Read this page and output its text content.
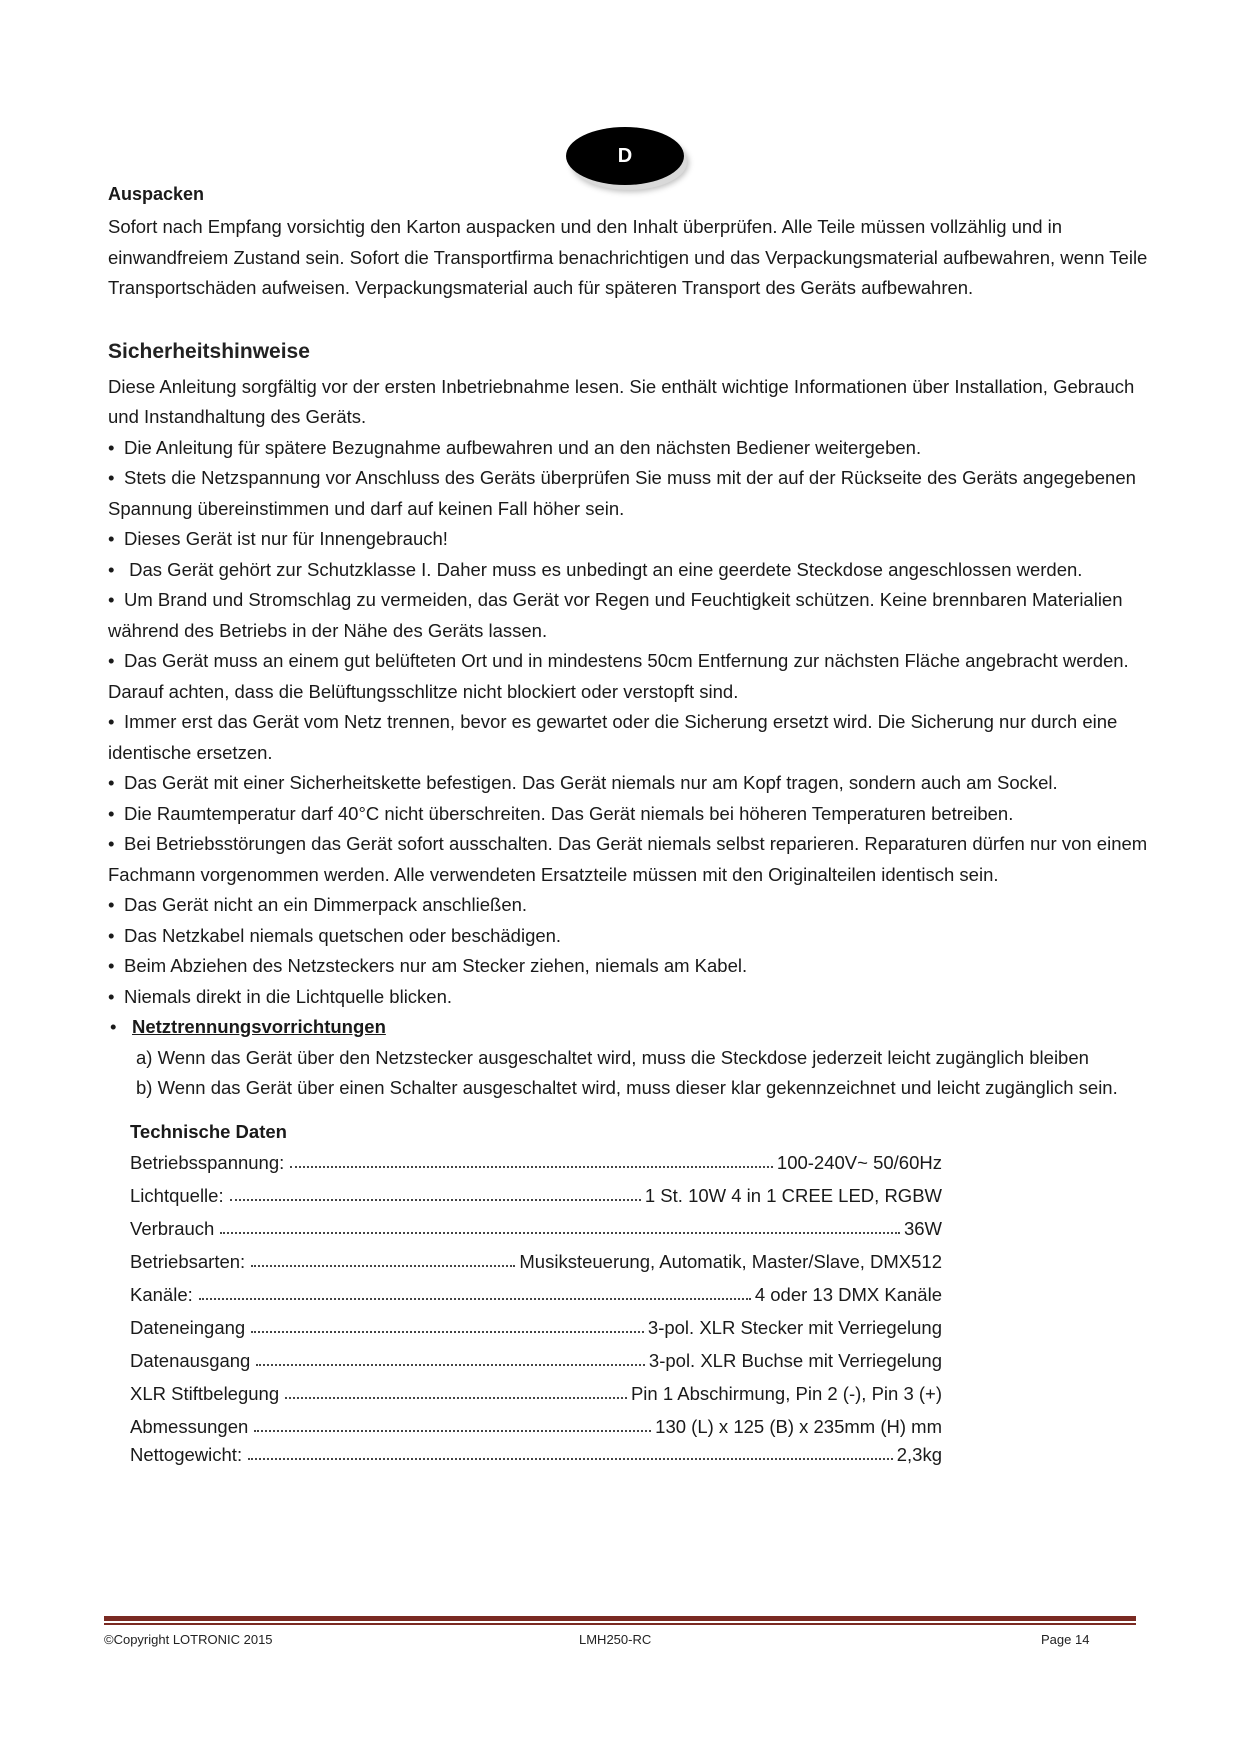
D
Auspacken

Sofort nach Empfang vorsichtig den Karton auspacken und den Inhalt überprüfen. Alle Teile müssen vollzählig und in einwandfreiem Zustand sein. Sofort die Transportfirma benachrichtigen und das Verpackungsmaterial aufbewahren, wenn Teile Transportschäden aufweisen. Verpackungsmaterial auch für späteren Transport des Geräts aufbewahren.

Sicherheitshinweise

Diese Anleitung sorgfältig vor der ersten Inbetriebnahme lesen. Sie enthält wichtige Informationen über Installation, Gebrauch und Instandhaltung des Geräts.

• Die Anleitung für spätere Bezugnahme aufbewahren und an den nächsten Bediener weitergeben.
• Stets die Netzspannung vor Anschluss des Geräts überprüfen Sie muss mit der auf der Rückseite des Geräts angegebenen Spannung übereinstimmen und darf auf keinen Fall höher sein.
• Dieses Gerät ist nur für Innengebrauch!
• Das Gerät gehört zur Schutzklasse I. Daher muss es unbedingt an eine geerdete Steckdose angeschlossen werden.
• Um Brand und Stromschlag zu vermeiden, das Gerät vor Regen und Feuchtigkeit schützen. Keine brennbaren Materialien während des Betriebs in der Nähe des Geräts lassen.
• Das Gerät muss an einem gut belüfteten Ort und in mindestens 50cm Entfernung zur nächsten Fläche angebracht werden. Darauf achten, dass die Belüftungsschlitze nicht blockiert oder verstopft sind.
• Immer erst das Gerät vom Netz trennen, bevor es gewartet oder die Sicherung ersetzt wird. Die Sicherung nur durch eine identische ersetzen.
• Das Gerät mit einer Sicherheitskette befestigen. Das Gerät niemals nur am Kopf tragen, sondern auch am Sockel.
• Die Raumtemperatur darf 40°C nicht überschreiten. Das Gerät niemals bei höheren Temperaturen betreiben.
• Bei Betriebsstörungen das Gerät sofort ausschalten. Das Gerät niemals selbst reparieren. Reparaturen dürfen nur von einem Fachmann vorgenommen werden. Alle verwendeten Ersatzteile müssen mit den Originalteilen identisch sein.
• Das Gerät nicht an ein Dimmerpack anschließen.
• Das Netzkabel niemals quetschen oder beschädigen.
• Beim Abziehen des Netzsteckers nur am Stecker ziehen, niemals am Kabel.
• Niemals direkt in die Lichtquelle blicken.
• Netztrennungsvorrichtungen

a) Wenn das Gerät über den Netzstecker ausgeschaltet wird, muss die Steckdose jederzeit leicht zugänglich bleiben

b) Wenn das Gerät über einen Schalter ausgeschaltet wird, muss dieser klar gekennzeichnet und leicht zugänglich sein.

Technische Daten
Betriebsspannung:	100-240V~ 50/60Hz
Lichtquelle:	1 St. 10W 4 in 1 CREE LED, RGBW
Verbrauch	36W
Betriebsarten:	Musiksteuerung, Automatik, Master/Slave, DMX512
Kanäle:	4 oder 13 DMX Kanäle
Dateneingang	3-pol. XLR Stecker mit Verriegelung
Datenausgang	3-pol. XLR Buchse mit Verriegelung
XLR Stiftbelegung	Pin 1 Abschirmung, Pin 2 (-), Pin 3 (+)
Abmessungen	130 (L) x 125 (B) x 235mm (H) mm
Nettogewicht:	2,3kg
©Copyright LOTRONIC 2015	LMH250-RC	Page 14
